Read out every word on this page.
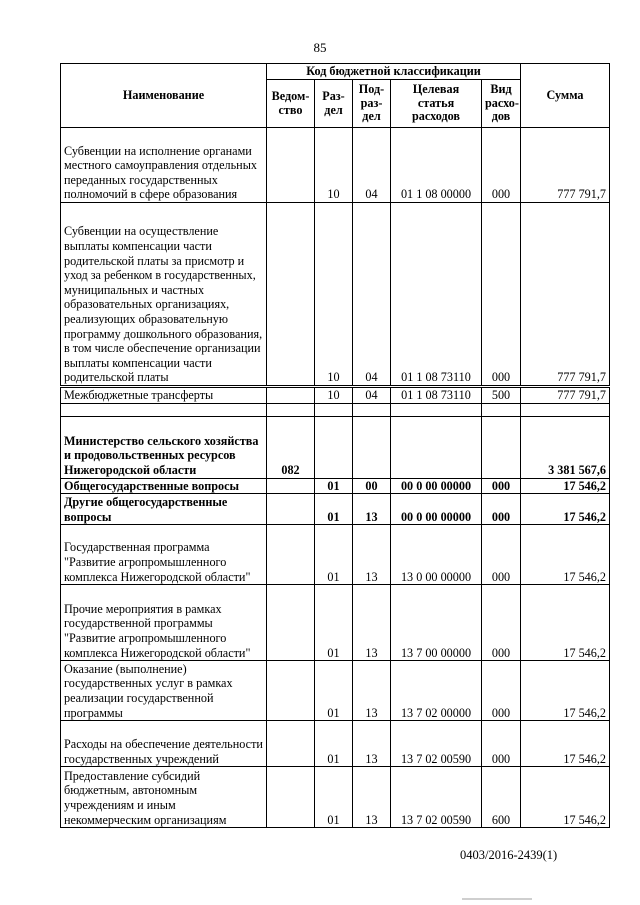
85
Наименование	Код бюджетной классификации					Сумма
	Ведом-ство	Раз-дел	Под-раз-дел	Целевая статья расходов	Вид расхо-дов	
Субвенции на исполнение органами местного самоуправления отдельных переданных государственных полномочий в сфере образования		10	04	01 1 08 00000	000	777 791,7
Субвенции на осуществление выплаты компенсации части родительской платы за присмотр и уход за ребенком в государственных, муниципальных и частных образовательных организациях, реализующих образовательную программу дошкольного образования, в том числе обеспечение организации выплаты компенсации части родительской платы		10	04	01 1 08 73110	000	777 791,7
Межбюджетные трансферты		10	04	01 1 08 73110	500	777 791,7

Министерство сельского хозяйства и продовольственных ресурсов Нижегородской области	082					3 381 567,6
Общегосударственные вопросы		01	00	00 0 00 00000	000	17 546,2
Другие общегосударственные вопросы		01	13	00 0 00 00000	000	17 546,2
Государственная программа "Развитие агропромышленного комплекса Нижегородской области"		01	13	13 0 00 00000	000	17 546,2
Прочие мероприятия в рамках государственной программы "Развитие агропромышленного комплекса Нижегородской области"		01	13	13 7 00 00000	000	17 546,2
Оказание (выполнение) государственных услуг в рамках реализации государственной программы		01	13	13 7 02 00000	000	17 546,2
Расходы на обеспечение деятельности государственных учреждений		01	13	13 7 02 00590	000	17 546,2
Предоставление субсидий бюджетным, автономным учреждениям и иным некоммерческим организациям		01	13	13 7 02 00590	600	17 546,2
0403/2016-2439(1)
